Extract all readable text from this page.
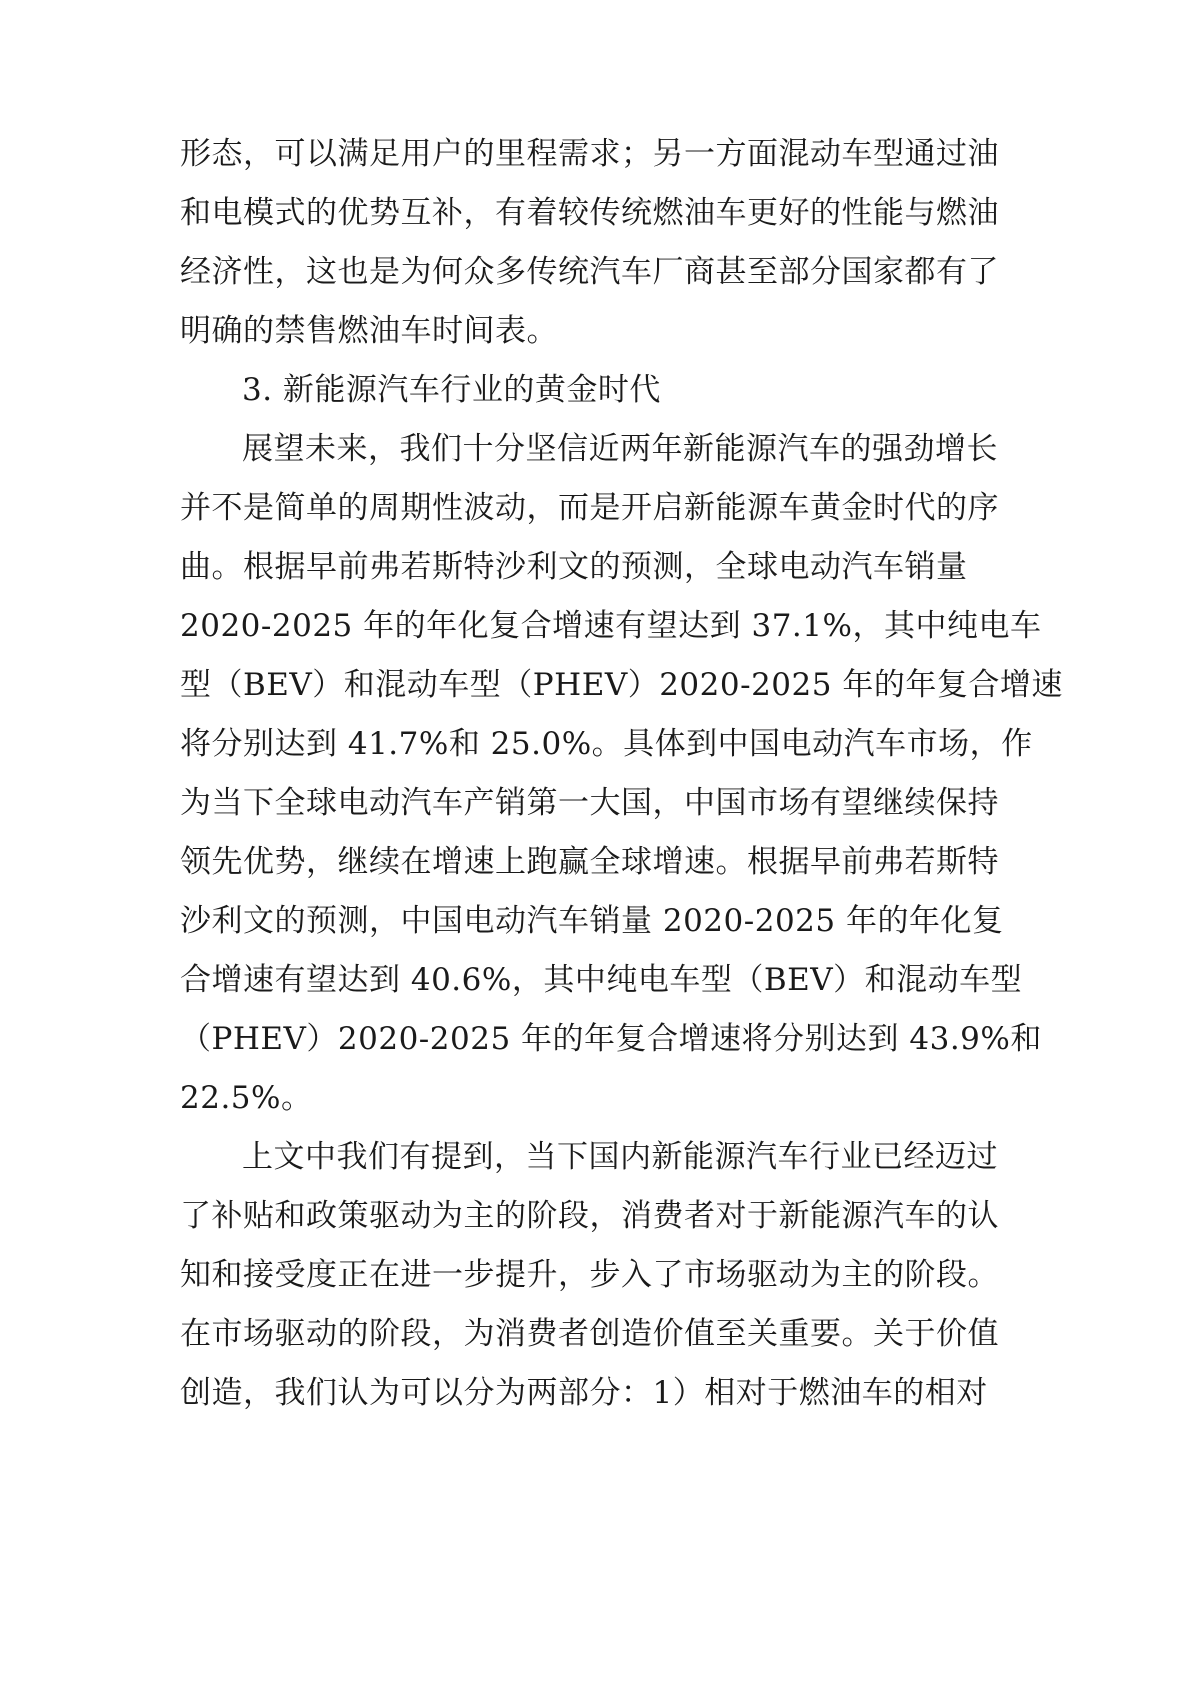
形态，可以满足用户的里程需求；另一方面混动车型通过油
和电模式的优势互补，有着较传统燃油车更好的性能与燃油
经济性，这也是为何众多传统汽车厂商甚至部分国家都有了
明确的禁售燃油车时间表。
3. 新能源汽车行业的黄金时代
展望未来，我们十分坚信近两年新能源汽车的强劲增长
并不是简单的周期性波动，而是开启新能源车黄金时代的序
曲。根据早前弗若斯特沙利文的预测，全球电动汽车销量
2020-2025 年的年化复合增速有望达到 37.1%，其中纯电车
型（BEV）和混动车型（PHEV）2020-2025 年的年复合增速
将分别达到 41.7%和 25.0%。具体到中国电动汽车市场，作
为当下全球电动汽车产销第一大国，中国市场有望继续保持
领先优势，继续在增速上跑赢全球增速。根据早前弗若斯特
沙利文的预测，中国电动汽车销量 2020-2025 年的年化复
合增速有望达到 40.6%，其中纯电车型（BEV）和混动车型
（PHEV）2020-2025 年的年复合增速将分别达到 43.9%和
22.5%。
上文中我们有提到，当下国内新能源汽车行业已经迈过
了补贴和政策驱动为主的阶段，消费者对于新能源汽车的认
知和接受度正在进一步提升，步入了市场驱动为主的阶段。
在市场驱动的阶段，为消费者创造价值至关重要。关于价值
创造，我们认为可以分为两部分：1）相对于燃油车的相对
